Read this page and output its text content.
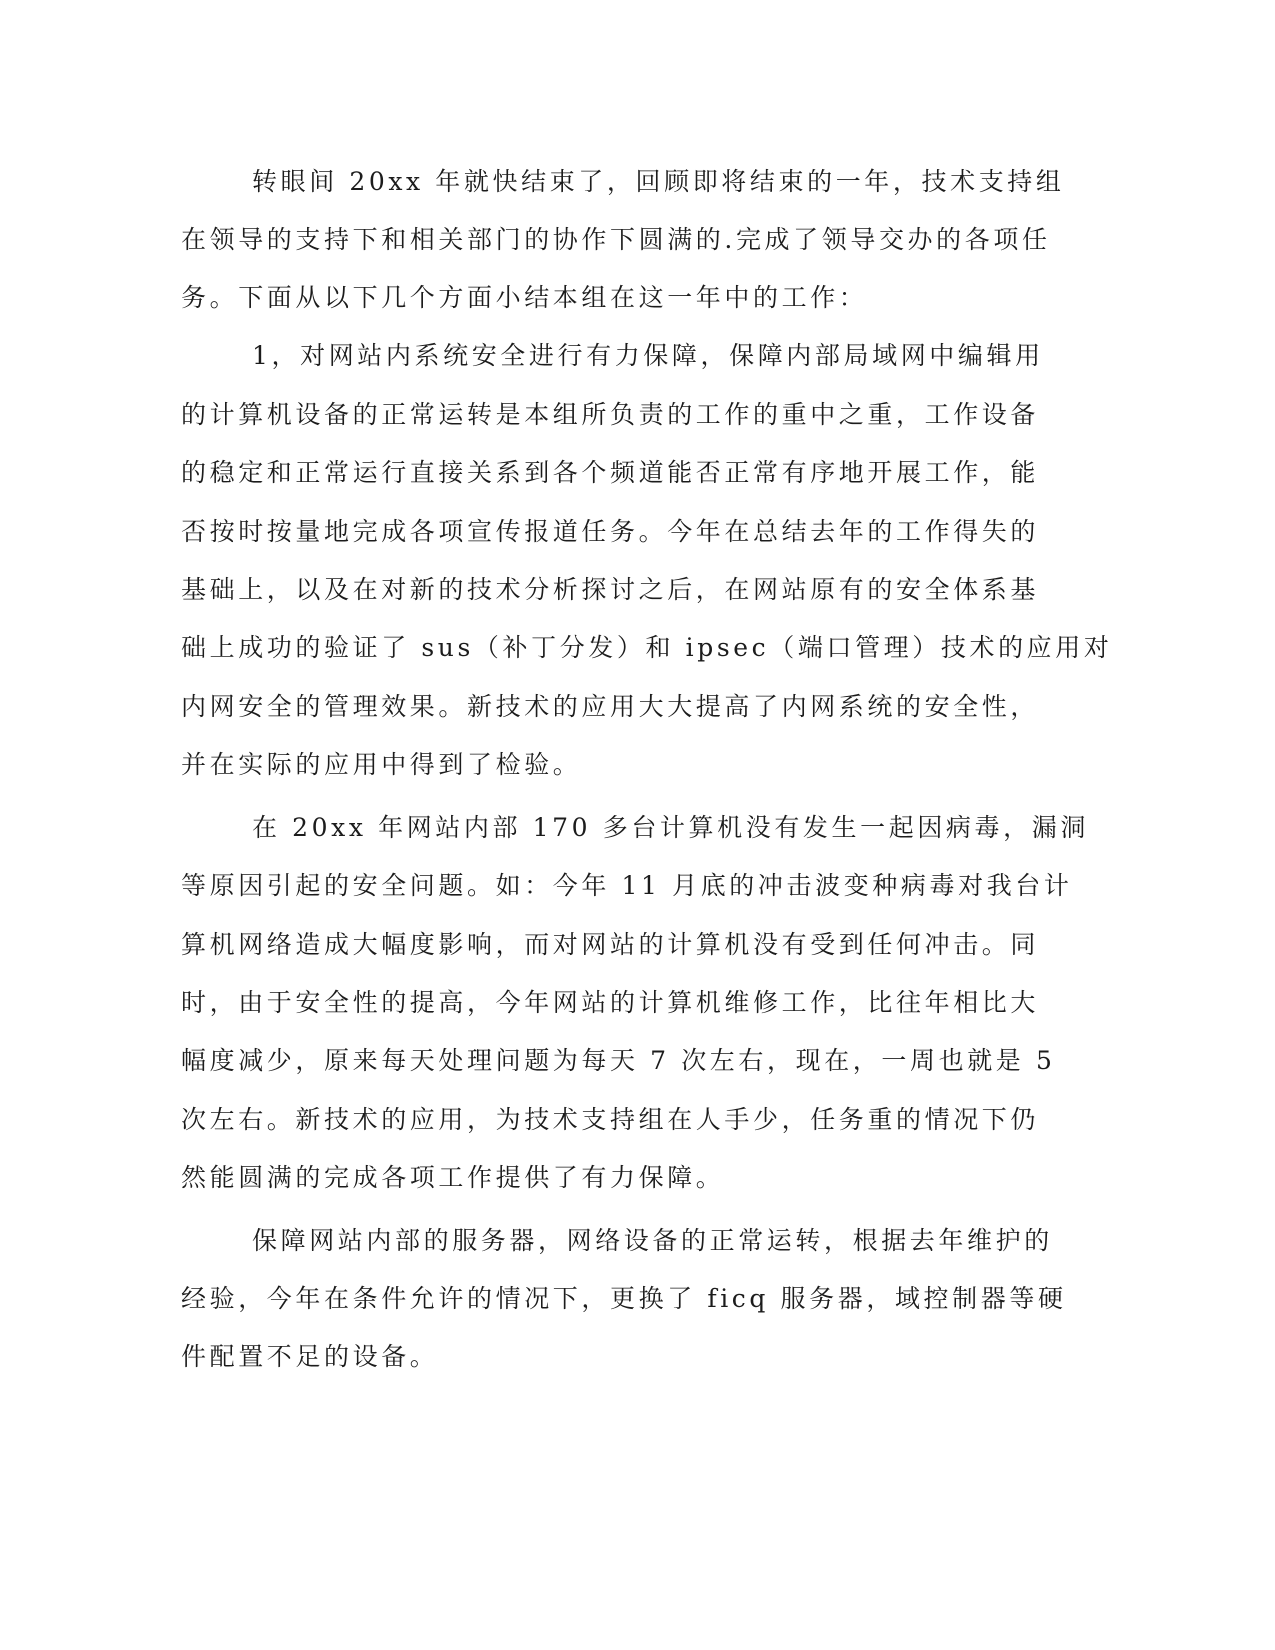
转眼间 20xx 年就快结束了，回顾即将结束的一年，技术支持组
在领导的支持下和相关部门的协作下圆满的.完成了领导交办的各项任
务。下面从以下几个方面小结本组在这一年中的工作：
1，对网站内系统安全进行有力保障，保障内部局域网中编辑用
的计算机设备的正常运转是本组所负责的工作的重中之重，工作设备
的稳定和正常运行直接关系到各个频道能否正常有序地开展工作，能
否按时按量地完成各项宣传报道任务。今年在总结去年的工作得失的
基础上，以及在对新的技术分析探讨之后，在网站原有的安全体系基
础上成功的验证了 sus（补丁分发）和 ipsec（端口管理）技术的应用对
内网安全的管理效果。新技术的应用大大提高了内网系统的安全性，
并在实际的应用中得到了检验。
在 20xx 年网站内部 170 多台计算机没有发生一起因病毒，漏洞
等原因引起的安全问题。如：今年 11 月底的冲击波变种病毒对我台计
算机网络造成大幅度影响，而对网站的计算机没有受到任何冲击。同
时，由于安全性的提高，今年网站的计算机维修工作，比往年相比大
幅度减少，原来每天处理问题为每天 7 次左右，现在，一周也就是 5
次左右。新技术的应用，为技术支持组在人手少，任务重的情况下仍
然能圆满的完成各项工作提供了有力保障。
保障网站内部的服务器，网络设备的正常运转，根据去年维护的
经验，今年在条件允许的情况下，更换了 ficq 服务器，域控制器等硬
件配置不足的设备。
